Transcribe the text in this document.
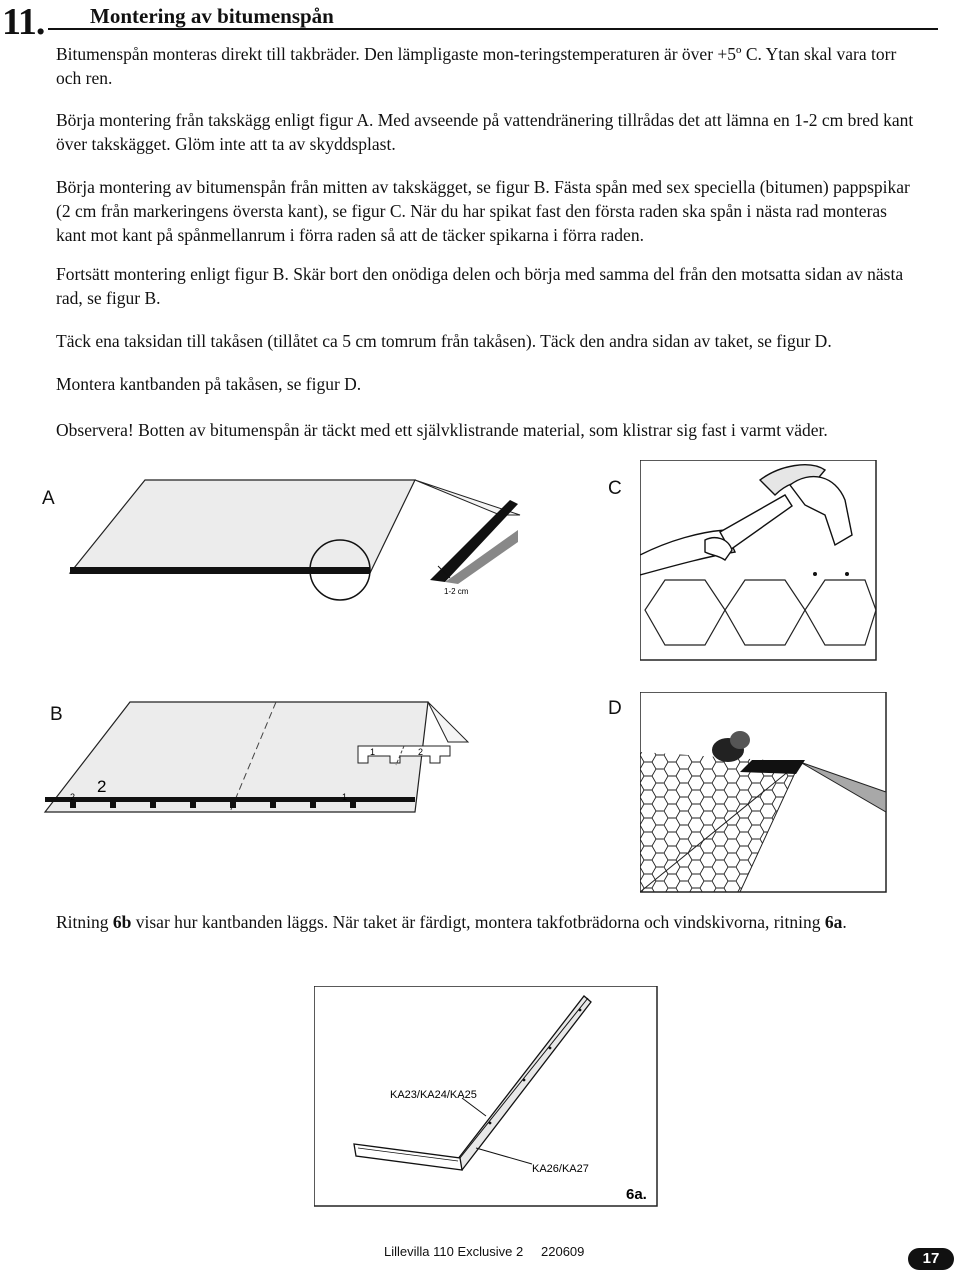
11. Montering av bitumenspån

Bitumenspån monteras direkt till takbräder. Den lämpligaste mon-teringstemperaturen är över +5º C. Ytan skal vara torr och ren.

Börja montering från takskägg enligt figur A. Med avseende på vattendränering tillrådas det att lämna en 1-2 cm bred kant över takskägget. Glöm inte att ta av skyddsplast.

Börja montering av bitumenspån från mitten av takskägget, se figur B. Fästa spån med sex speciella (bitumen) pappspikar (2 cm från markeringens översta kant), se figur C. När du har spikat fast den första raden ska spån i nästa rad monteras kant mot kant på spånmellanrum i förra raden så att de täcker spikarna i förra raden.

Fortsätt montering enligt figur B. Skär bort den onödiga delen och börja med samma del från den motsatta sidan av nästa rad, se figur B.

Täck ena taksidan till takåsen (tillåtet ca 5 cm tomrum från takåsen). Täck den andra sidan av taket, se figur D.

Montera kantbanden på takåsen, se figur D.

Observera! Botten av bitumenspån är täckt med ett självklistrande material, som klistrar sig fast i varmt väder.

A
1-2 cm
C
B
2
2	1
1	2
D
Ritning 6b visar hur kantbanden läggs. När taket är färdigt, montera takfotbrädorna och vindskivorna, ritning 6a.
KA23/KA24/KA25
KA26/KA27
6a.
Lillevilla 110 Exclusive 2 220609	17
